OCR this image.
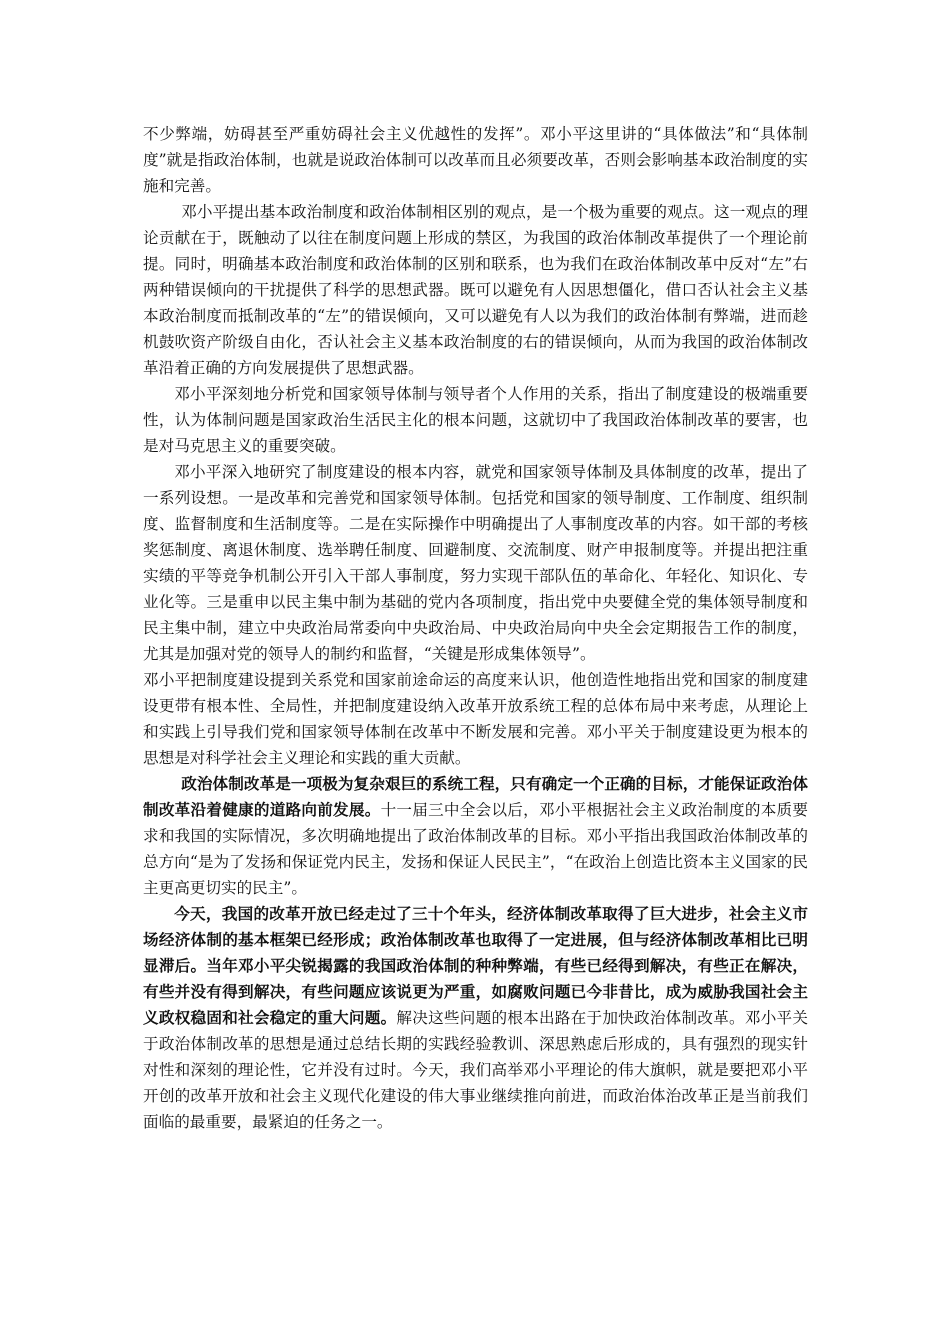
不少弊端，妨碍甚至严重妨碍社会主义优越性的发挥”。邓小平这里讲的“具体做法”和“具体制度”就是指政治体制，也就是说政治体制可以改革而且必须要改革，否则会影响基本政治制度的实施和完善。

邓小平提出基本政治制度和政治体制相区别的观点，是一个极为重要的观点。这一观点的理论贡献在于，既触动了以往在制度问题上形成的禁区，为我国的政治体制改革提供了一个理论前提。同时，明确基本政治制度和政治体制的区别和联系，也为我们在政治体制改革中反对“左”右两种错误倾向的干扰提供了科学的思想武器。既可以避免有人因思想僵化，借口否认社会主义基本政治制度而抵制改革的“左”的错误倾向，又可以避免有人以为我们的政治体制有弊端，进而趁机鼓吹资产阶级自由化，否认社会主义基本政治制度的右的错误倾向，从而为我国的政治体制改革沿着正确的方向发展提供了思想武器。

邓小平深刻地分析党和国家领导体制与领导者个人作用的关系，指出了制度建设的极端重要性，认为体制问题是国家政治生活民主化的根本问题，这就切中了我国政治体制改革的要害，也是对马克思主义的重要突破。

邓小平深入地研究了制度建设的根本内容，就党和国家领导体制及具体制度的改革，提出了一系列设想。一是改革和完善党和国家领导体制。包括党和国家的领导制度、工作制度、组织制度、监督制度和生活制度等。二是在实际操作中明确提出了人事制度改革的内容。如干部的考核奖惩制度、离退休制度、选举聘任制度、回避制度、交流制度、财产申报制度等。并提出把注重实绩的平等竞争机制公开引入干部人事制度，努力实现干部队伍的革命化、年轻化、知识化、专业化等。三是重申以民主集中制为基础的党内各项制度，指出党中央要健全党的集体领导制度和民主集中制，建立中央政治局常委向中央政治局、中央政治局向中央全会定期报告工作的制度，尤其是加强对党的领导人的制约和监督，“关键是形成集体领导”。

邓小平把制度建设提到关系党和国家前途命运的高度来认识，他创造性地指出党和国家的制度建设更带有根本性、全局性，并把制度建设纳入改革开放系统工程的总体布局中来考虑，从理论上和实践上引导我们党和国家领导体制在改革中不断发展和完善。邓小平关于制度建设更为根本的思想是对科学社会主义理论和实践的重大贡献。

政治体制改革是一项极为复杂艰巨的系统工程，只有确定一个正确的目标，才能保证政治体制改革沿着健康的道路向前发展。十一届三中全会以后，邓小平根据社会主义政治制度的本质要求和我国的实际情况，多次明确地提出了政治体制改革的目标。邓小平指出我国政治体制改革的总方向“是为了发扬和保证党内民主，发扬和保证人民民主”，“在政治上创造比资本主义国家的民主更高更切实的民主”。

今天，我国的改革开放已经走过了三十个年头，经济体制改革取得了巨大进步，社会主义市场经济体制的基本框架已经形成；政治体制改革也取得了一定进展，但与经济体制改革相比已明显滞后。当年邓小平尖锐揭露的我国政治体制的种种弊端，有些已经得到解决，有些正在解决，有些并没有得到解决，有些问题应该说更为严重，如腐败问题已今非昔比，成为威胁我国社会主义政权稳固和社会稳定的重大问题。解决这些问题的根本出路在于加快政治体制改革。邓小平关于政治体制改革的思想是通过总结长期的实践经验教训、深思熟虑后形成的，具有强烈的现实针对性和深刻的理论性，它并没有过时。今天，我们高举邓小平理论的伟大旗帜，就是要把邓小平开创的改革开放和社会主义现代化建设的伟大事业继续推向前进，而政治体治改革正是当前我们面临的最重要，最紧迫的任务之一。
